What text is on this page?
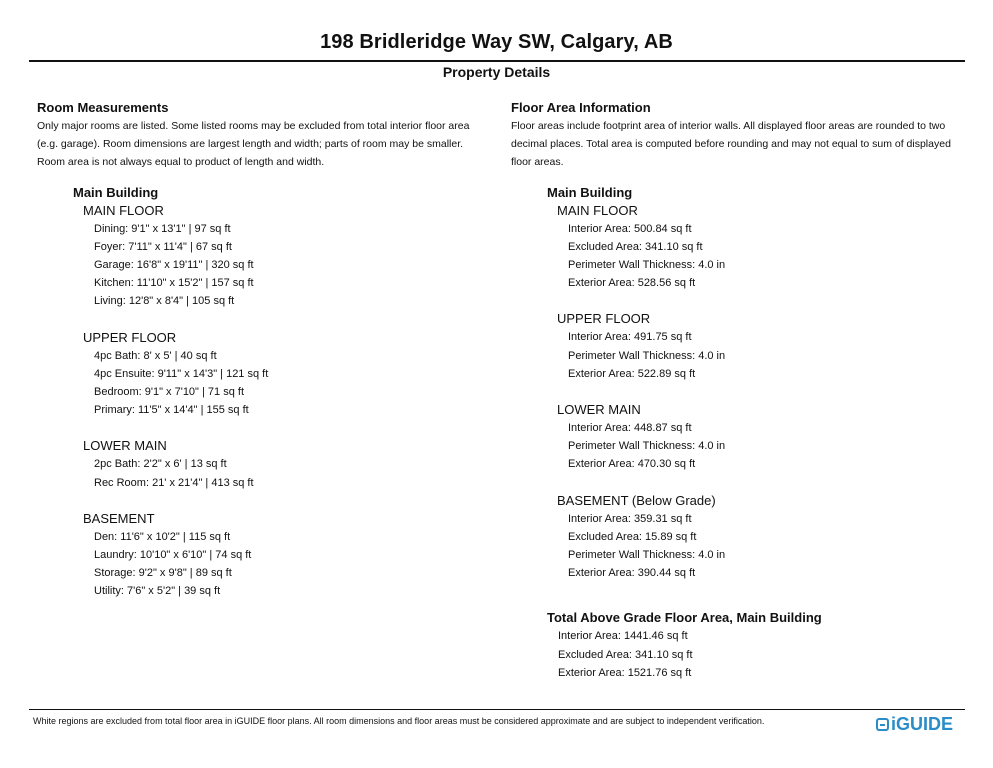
198 Bridleridge Way SW, Calgary, AB
Property Details
Room Measurements
Only major rooms are listed. Some listed rooms may be excluded from total interior floor area (e.g. garage). Room dimensions are largest length and width; parts of room may be smaller. Room area is not always equal to product of length and width.
Main Building
MAIN FLOOR
Dining: 9'1" x 13'1" | 97 sq ft
Foyer: 7'11" x 11'4" | 67 sq ft
Garage: 16'8" x 19'11" | 320 sq ft
Kitchen: 11'10" x 15'2" | 157 sq ft
Living: 12'8" x 8'4" | 105 sq ft
UPPER FLOOR
4pc Bath: 8' x 5' | 40 sq ft
4pc Ensuite: 9'11" x 14'3" | 121 sq ft
Bedroom: 9'1" x 7'10" | 71 sq ft
Primary: 11'5" x 14'4" | 155 sq ft
LOWER MAIN
2pc Bath: 2'2" x 6' | 13 sq ft
Rec Room: 21' x 21'4" | 413 sq ft
BASEMENT
Den: 11'6" x 10'2" | 115 sq ft
Laundry: 10'10" x 6'10" | 74 sq ft
Storage: 9'2" x 9'8" | 89 sq ft
Utility: 7'6" x 5'2" | 39 sq ft
Floor Area Information
Floor areas include footprint area of interior walls. All displayed floor areas are rounded to two decimal places. Total area is computed before rounding and may not equal to sum of displayed floor areas.
Main Building
MAIN FLOOR
Interior Area: 500.84 sq ft
Excluded Area: 341.10 sq ft
Perimeter Wall Thickness: 4.0 in
Exterior Area: 528.56 sq ft
UPPER FLOOR
Interior Area: 491.75 sq ft
Perimeter Wall Thickness: 4.0 in
Exterior Area: 522.89 sq ft
LOWER MAIN
Interior Area: 448.87 sq ft
Perimeter Wall Thickness: 4.0 in
Exterior Area: 470.30 sq ft
BASEMENT (Below Grade)
Interior Area: 359.31 sq ft
Excluded Area: 15.89 sq ft
Perimeter Wall Thickness: 4.0 in
Exterior Area: 390.44 sq ft
Total Above Grade Floor Area, Main Building
Interior Area: 1441.46 sq ft
Excluded Area: 341.10 sq ft
Exterior Area: 1521.76 sq ft
White regions are excluded from total floor area in iGUIDE floor plans. All room dimensions and floor areas must be considered approximate and are subject to independent verification.	iGUIDE
